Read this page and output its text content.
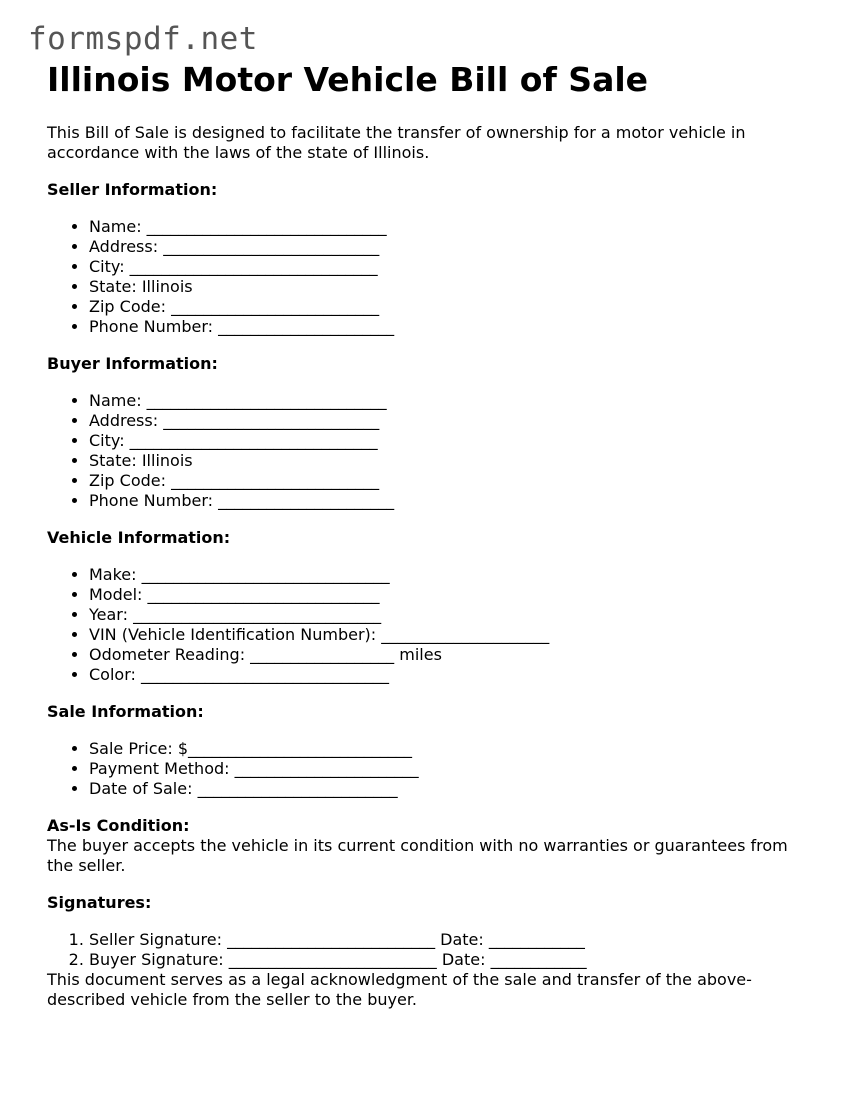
formspdf.net
Illinois Motor Vehicle Bill of Sale

This Bill of Sale is designed to facilitate the transfer of ownership for a motor vehicle in accordance with the laws of the state of Illinois.

Seller Information:
• Name: ______________________________
• Address: ___________________________
• City: _______________________________
• State: Illinois
• Zip Code: __________________________
• Phone Number: ______________________
Buyer Information:
• Name: ______________________________
• Address: ___________________________
• City: _______________________________
• State: Illinois
• Zip Code: __________________________
• Phone Number: ______________________
Vehicle Information:
• Make: _______________________________
• Model: _____________________________
• Year: _______________________________
• VIN (Vehicle Identification Number): _____________________
• Odometer Reading: __________________ miles
• Color: _______________________________
Sale Information:
• Sale Price: $____________________________
• Payment Method: _______________________
• Date of Sale: _________________________
As-Is Condition:

The buyer accepts the vehicle in its current condition with no warranties or guarantees from the seller.

Signatures:
1. Seller Signature: __________________________ Date: ____________
2. Buyer Signature: __________________________ Date: ____________

This document serves as a legal acknowledgment of the sale and transfer of the above-described vehicle from the seller to the buyer.
